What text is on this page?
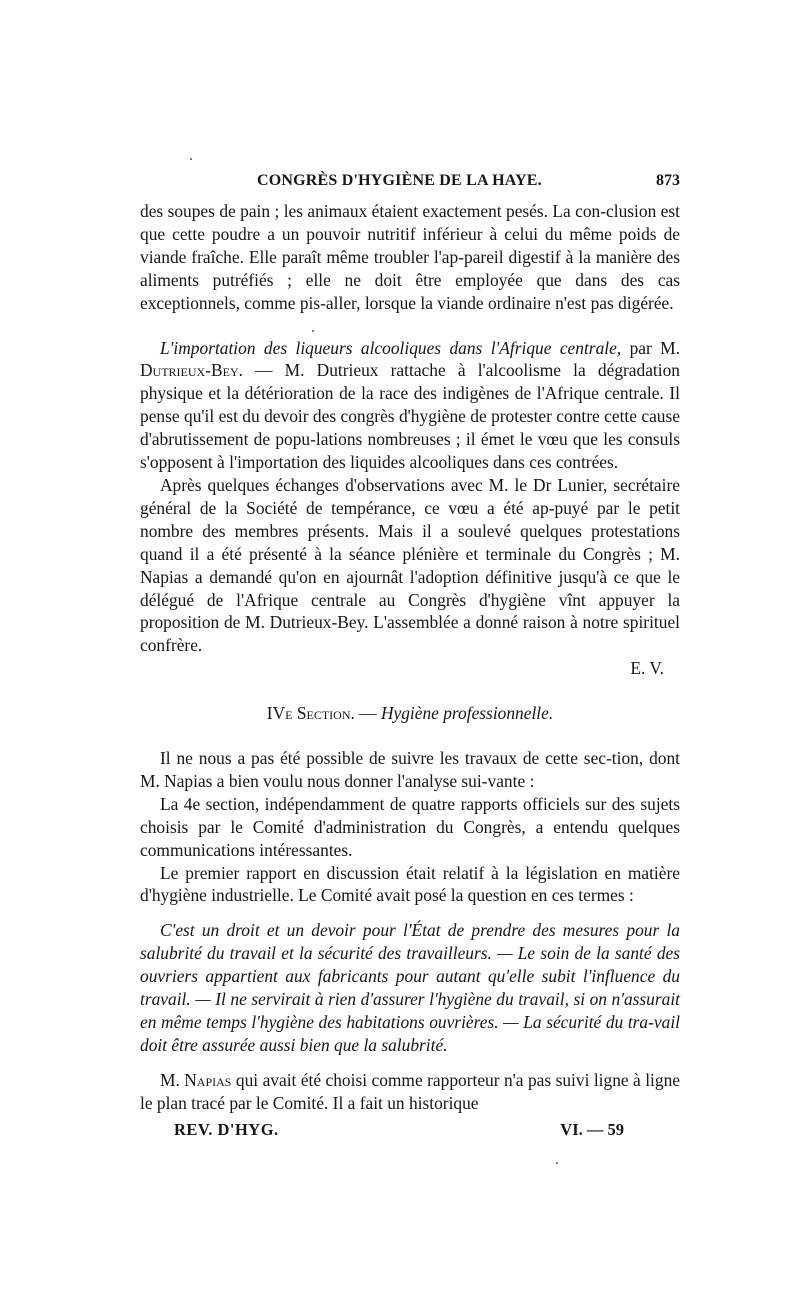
CONGRÈS D'HYGIÈNE DE LA HAYE.	873

des soupes de pain ; les animaux étaient exactement pesés. La con-clusion est que cette poudre a un pouvoir nutritif inférieur à celui du même poids de viande fraîche. Elle paraît même troubler l'ap-pareil digestif à la manière des aliments putréfiés ; elle ne doit être employée que dans des cas exceptionnels, comme pis-aller, lorsque la viande ordinaire n'est pas digérée.

L'importation des liqueurs alcooliques dans l'Afrique centrale, par M. Dutrieux-Bey. — M. Dutrieux rattache à l'alcoolisme la dégradation physique et la détérioration de la race des indigènes de l'Afrique centrale. Il pense qu'il est du devoir des congrès d'hygiène de protester contre cette cause d'abrutissement de popu-lations nombreuses ; il émet le vœu que les consuls s'opposent à l'importation des liquides alcooliques dans ces contrées.

Après quelques échanges d'observations avec M. le Dr Lunier, secrétaire général de la Société de tempérance, ce vœu a été ap-puyé par le petit nombre des membres présents. Mais il a soulevé quelques protestations quand il a été présenté à la séance plénière et terminale du Congrès ; M. Napias a demandé qu'on en ajournât l'adoption définitive jusqu'à ce que le délégué de l'Afrique centrale au Congrès d'hygiène vînt appuyer la proposition de M. Dutrieux-Bey. L'assemblée a donné raison à notre spirituel confrère.

E. V.

IVe Section. — Hygiène professionnelle.

Il ne nous a pas été possible de suivre les travaux de cette sec-tion, dont M. Napias a bien voulu nous donner l'analyse sui-vante :

La 4e section, indépendamment de quatre rapports officiels sur des sujets choisis par le Comité d'administration du Congrès, a entendu quelques communications intéressantes.

Le premier rapport en discussion était relatif à la législation en matière d'hygiène industrielle. Le Comité avait posé la question en ces termes :

C'est un droit et un devoir pour l'État de prendre des mesures pour la salubrité du travail et la sécurité des travailleurs. — Le soin de la santé des ouvriers appartient aux fabricants pour autant qu'elle subit l'influence du travail. — Il ne servirait à rien d'assurer l'hygiène du travail, si on n'assurait en même temps l'hygiène des habitations ouvrières. — La sécurité du tra-vail doit être assurée aussi bien que la salubrité.

M. Napias qui avait été choisi comme rapporteur n'a pas suivi ligne à ligne le plan tracé par le Comité. Il a fait un historique

REV. D'HYG.	VI. — 59
